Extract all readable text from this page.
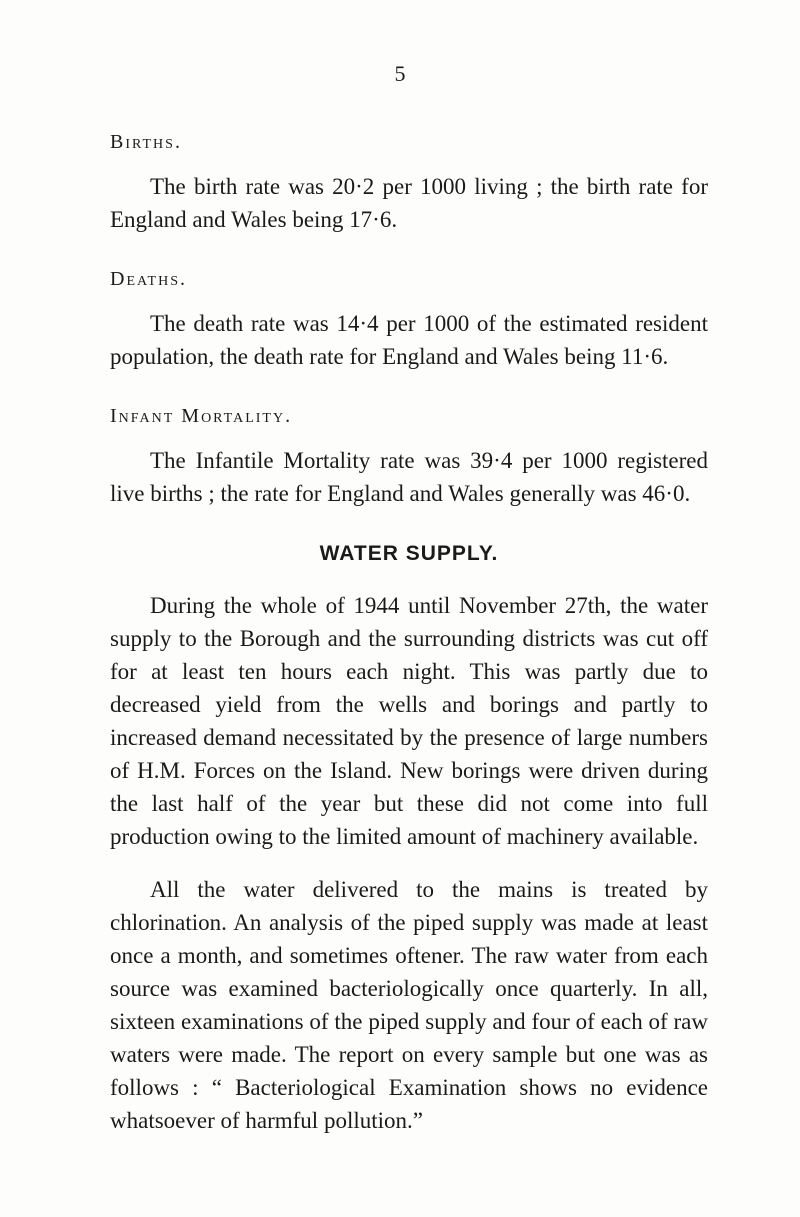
5
Births.

The birth rate was 20·2 per 1000 living ; the birth rate for England and Wales being 17·6.

Deaths.

The death rate was 14·4 per 1000 of the estimated resident population, the death rate for England and Wales being 11·6.

Infant Mortality.

The Infantile Mortality rate was 39·4 per 1000 registered live births ; the rate for England and Wales generally was 46·0.

WATER SUPPLY.

During the whole of 1944 until November 27th, the water supply to the Borough and the surrounding districts was cut off for at least ten hours each night. This was partly due to decreased yield from the wells and borings and partly to increased demand necessitated by the presence of large numbers of H.M. Forces on the Island. New borings were driven during the last half of the year but these did not come into full production owing to the limited amount of machinery available.

All the water delivered to the mains is treated by chlorination. An analysis of the piped supply was made at least once a month, and sometimes oftener. The raw water from each source was examined bacteriologically once quarterly. In all, sixteen examinations of the piped supply and four of each of raw waters were made. The report on every sample but one was as follows : “ Bacteriological Examination shows no evidence whatsoever of harmful pollution.”
